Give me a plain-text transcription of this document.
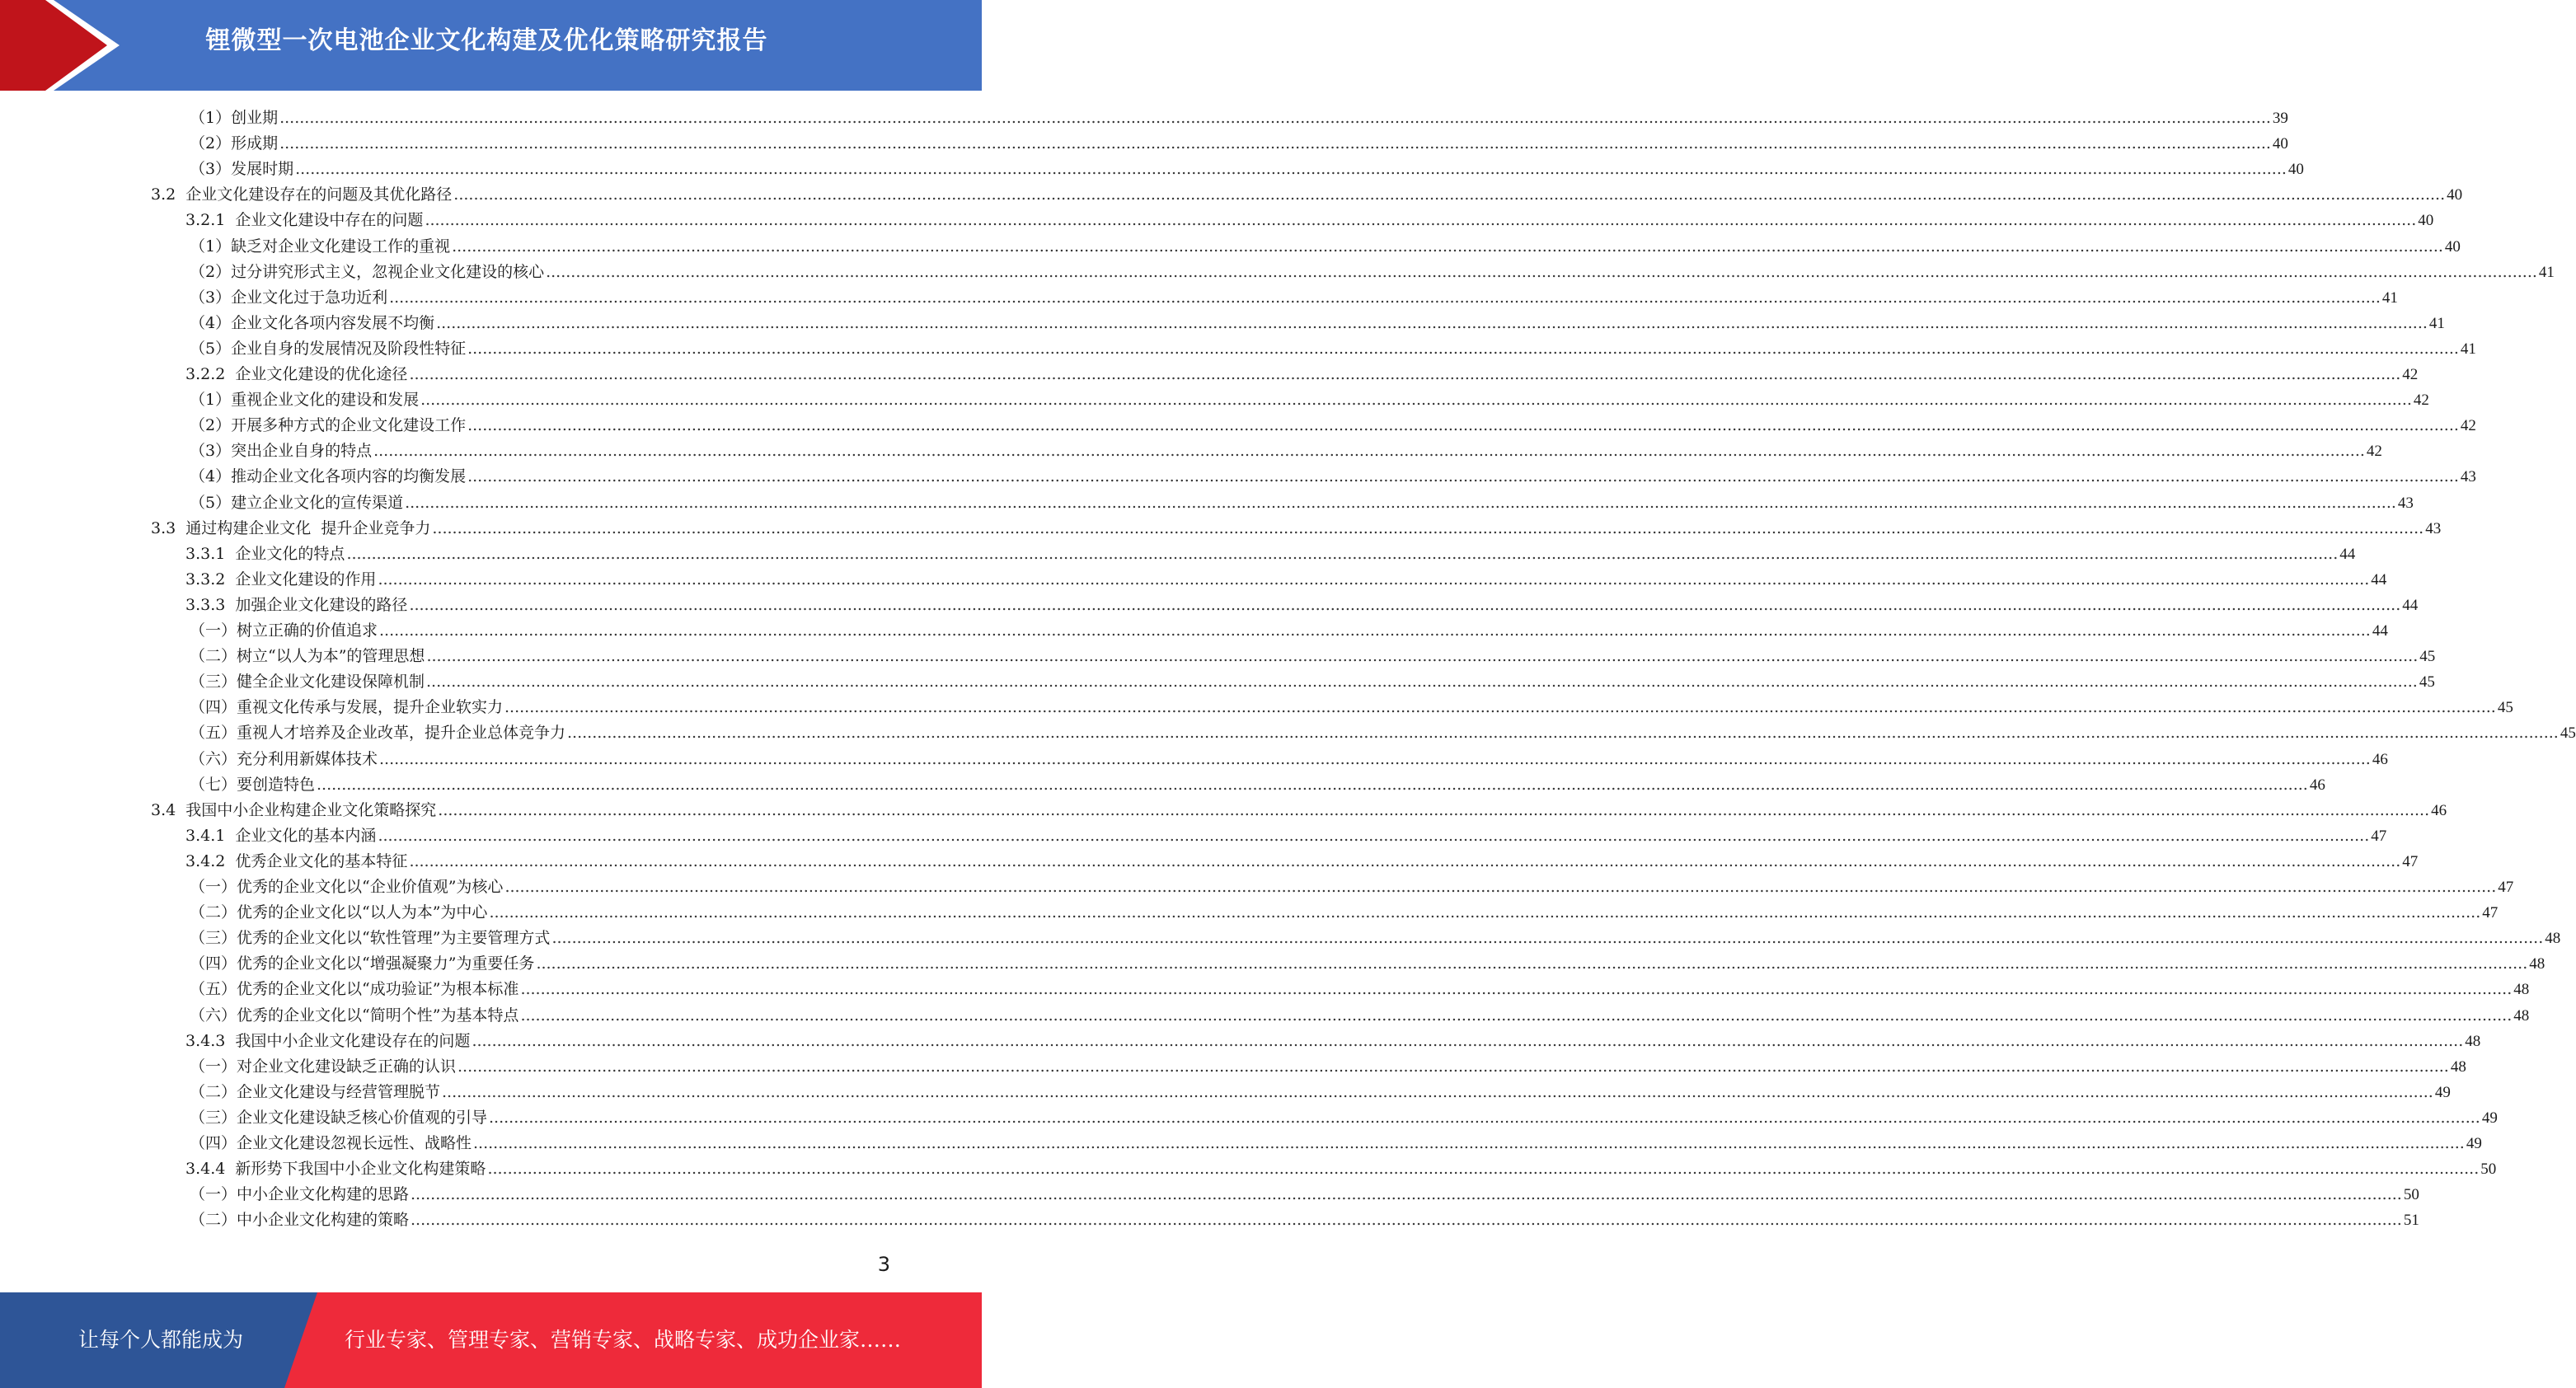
锂微型一次电池企业文化构建及优化策略研究报告
（1）创业期 ................................................................................................................................................................................................................................................................................................................................................................................................................ 39
（2）形成期 ................................................................................................................................................................................................................................................................................................................................................................................................................ 40
（3）发展时期 ................................................................................................................................................................................................................................................................................................................................................................................................................ 40
3.2  企业文化建设存在的问题及其优化路径 ................................................................................................................................................................................................................................................................................................................................................................................................................ 40
3.2.1  企业文化建设中存在的问题 ................................................................................................................................................................................................................................................................................................................................................................................................................ 40
（1）缺乏对企业文化建设工作的重视 ................................................................................................................................................................................................................................................................................................................................................................................................................ 40
（2）过分讲究形式主义，忽视企业文化建设的核心 ................................................................................................................................................................................................................................................................................................................................................................................................................ 41
（3）企业文化过于急功近利 ................................................................................................................................................................................................................................................................................................................................................................................................................ 41
（4）企业文化各项内容发展不均衡 ................................................................................................................................................................................................................................................................................................................................................................................................................ 41
（5）企业自身的发展情况及阶段性特征 ................................................................................................................................................................................................................................................................................................................................................................................................................ 41
3.2.2  企业文化建设的优化途径 ................................................................................................................................................................................................................................................................................................................................................................................................................ 42
（1）重视企业文化的建设和发展 ................................................................................................................................................................................................................................................................................................................................................................................................................ 42
（2）开展多种方式的企业文化建设工作 ................................................................................................................................................................................................................................................................................................................................................................................................................ 42
（3）突出企业自身的特点 ................................................................................................................................................................................................................................................................................................................................................................................................................ 42
（4）推动企业文化各项内容的均衡发展 ................................................................................................................................................................................................................................................................................................................................................................................................................ 43
（5）建立企业文化的宣传渠道 ................................................................................................................................................................................................................................................................................................................................................................................................................ 43
3.3  通过构建企业文化  提升企业竞争力 ................................................................................................................................................................................................................................................................................................................................................................................................................ 43
3.3.1  企业文化的特点 ................................................................................................................................................................................................................................................................................................................................................................................................................ 44
3.3.2  企业文化建设的作用 ................................................................................................................................................................................................................................................................................................................................................................................................................ 44
3.3.3  加强企业文化建设的路径 ................................................................................................................................................................................................................................................................................................................................................................................................................ 44
（一）树立正确的价值追求 ................................................................................................................................................................................................................................................................................................................................................................................................................ 44
（二）树立“以人为本”的管理思想 ................................................................................................................................................................................................................................................................................................................................................................................................................ 45
（三）健全企业文化建设保障机制 ................................................................................................................................................................................................................................................................................................................................................................................................................ 45
（四）重视文化传承与发展，提升企业软实力 ................................................................................................................................................................................................................................................................................................................................................................................................................ 45
（五）重视人才培养及企业改革，提升企业总体竞争力 ................................................................................................................................................................................................................................................................................................................................................................................................................ 45
（六）充分利用新媒体技术 ................................................................................................................................................................................................................................................................................................................................................................................................................ 46
（七）要创造特色 ................................................................................................................................................................................................................................................................................................................................................................................................................ 46
3.4  我国中小企业构建企业文化策略探究 ................................................................................................................................................................................................................................................................................................................................................................................................................ 46
3.4.1  企业文化的基本内涵 ................................................................................................................................................................................................................................................................................................................................................................................................................ 47
3.4.2  优秀企业文化的基本特征 ................................................................................................................................................................................................................................................................................................................................................................................................................ 47
（一）优秀的企业文化以“企业价值观”为核心 ................................................................................................................................................................................................................................................................................................................................................................................................................ 47
（二）优秀的企业文化以“以人为本”为中心 ................................................................................................................................................................................................................................................................................................................................................................................................................ 47
（三）优秀的企业文化以“软性管理”为主要管理方式 ................................................................................................................................................................................................................................................................................................................................................................................................................ 48
（四）优秀的企业文化以“增强凝聚力”为重要任务 ................................................................................................................................................................................................................................................................................................................................................................................................................ 48
（五）优秀的企业文化以“成功验证”为根本标准 ................................................................................................................................................................................................................................................................................................................................................................................................................ 48
（六）优秀的企业文化以“简明个性”为基本特点 ................................................................................................................................................................................................................................................................................................................................................................................................................ 48
3.4.3  我国中小企业文化建设存在的问题 ................................................................................................................................................................................................................................................................................................................................................................................................................ 48
（一）对企业文化建设缺乏正确的认识 ................................................................................................................................................................................................................................................................................................................................................................................................................ 48
（二）企业文化建设与经营管理脱节 ................................................................................................................................................................................................................................................................................................................................................................................................................ 49
（三）企业文化建设缺乏核心价值观的引导 ................................................................................................................................................................................................................................................................................................................................................................................................................ 49
（四）企业文化建设忽视长远性、战略性 ................................................................................................................................................................................................................................................................................................................................................................................................................ 49
3.4.4  新形势下我国中小企业文化构建策略 ................................................................................................................................................................................................................................................................................................................................................................................................................ 50
（一）中小企业文化构建的思路 ................................................................................................................................................................................................................................................................................................................................................................................................................ 50
（二）中小企业文化构建的策略 ................................................................................................................................................................................................................................................................................................................................................................................................................ 51
3
让每个人都能成为	行业专家、管理专家、营销专家、战略专家、成功企业家……
